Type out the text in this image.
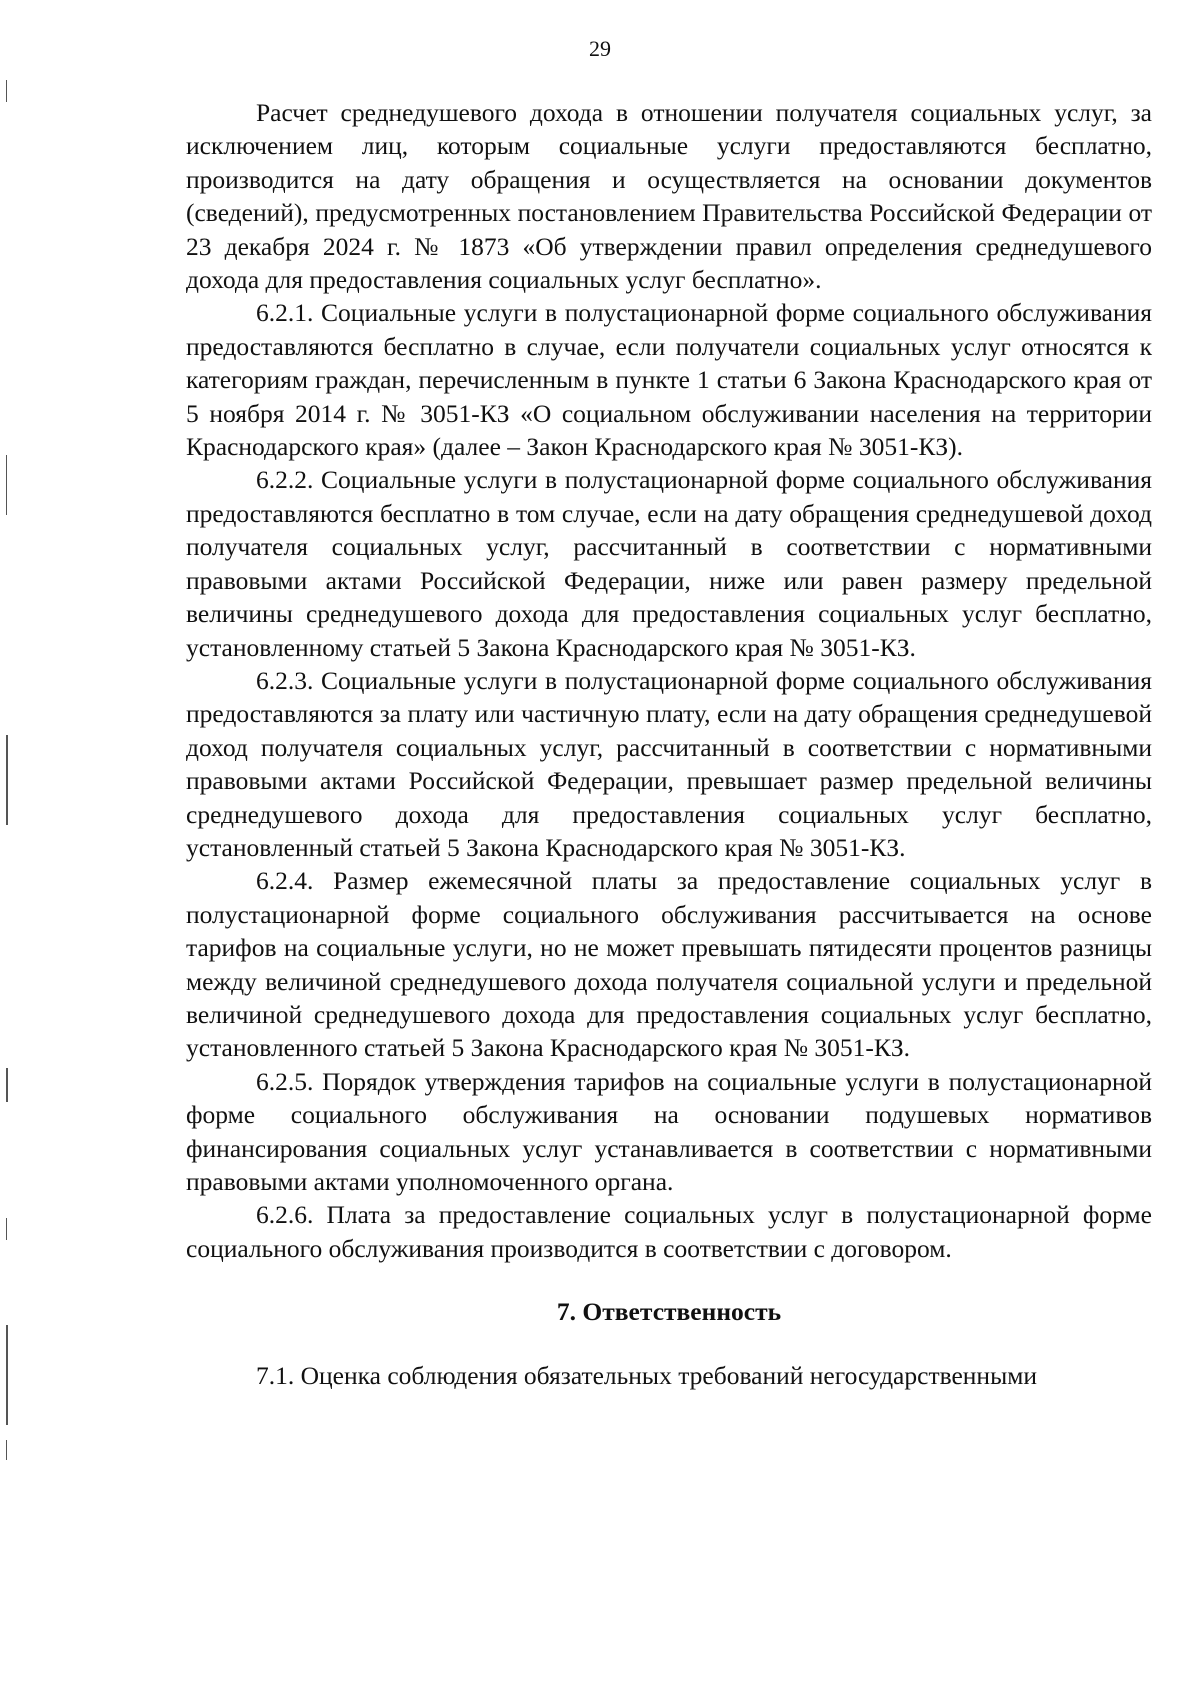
29

Расчет среднедушевого дохода в отношении получателя социальных услуг, за исключением лиц, которым социальные услуги предоставляются бесплатно, производится на дату обращения и осуществляется на основании документов (сведений), предусмотренных постановлением Правительства Российской Федерации от 23 декабря 2024 г. № 1873 «Об утверждении правил определения среднедушевого дохода для предоставления социальных услуг бесплатно».

6.2.1. Социальные услуги в полустационарной форме социального обслуживания предоставляются бесплатно в случае, если получатели социальных услуг относятся к категориям граждан, перечисленным в пункте 1 статьи 6 Закона Краснодарского края от 5 ноября 2014 г. № 3051-КЗ «О социальном обслуживании населения на территории Краснодарского края» (далее – Закон Краснодарского края № 3051-КЗ).

6.2.2. Социальные услуги в полустационарной форме социального обслуживания предоставляются бесплатно в том случае, если на дату обращения среднедушевой доход получателя социальных услуг, рассчитанный в соответствии с нормативными правовыми актами Российской Федерации, ниже или равен размеру предельной величины среднедушевого дохода для предоставления социальных услуг бесплатно, установленному статьей 5 Закона Краснодарского края № 3051-КЗ.

6.2.3. Социальные услуги в полустационарной форме социального обслуживания предоставляются за плату или частичную плату, если на дату обращения среднедушевой доход получателя социальных услуг, рассчитанный в соответствии с нормативными правовыми актами Российской Федерации, превышает размер предельной величины среднедушевого дохода для предоставления социальных услуг бесплатно, установленный статьей 5 Закона Краснодарского края № 3051-КЗ.

6.2.4. Размер ежемесячной платы за предоставление социальных услуг в полустационарной форме социального обслуживания рассчитывается на основе тарифов на социальные услуги, но не может превышать пятидесяти процентов разницы между величиной среднедушевого дохода получателя социальной услуги и предельной величиной среднедушевого дохода для предоставления социальных услуг бесплатно, установленного статьей 5 Закона Краснодарского края № 3051-КЗ.

6.2.5. Порядок утверждения тарифов на социальные услуги в полустационарной форме социального обслуживания на основании подушевых нормативов финансирования социальных услуг устанавливается в соответствии с нормативными правовыми актами уполномоченного органа.

6.2.6. Плата за предоставление социальных услуг в полустационарной форме социального обслуживания производится в соответствии с договором.

7. Ответственность

7.1. Оценка соблюдения обязательных требований негосударственными
